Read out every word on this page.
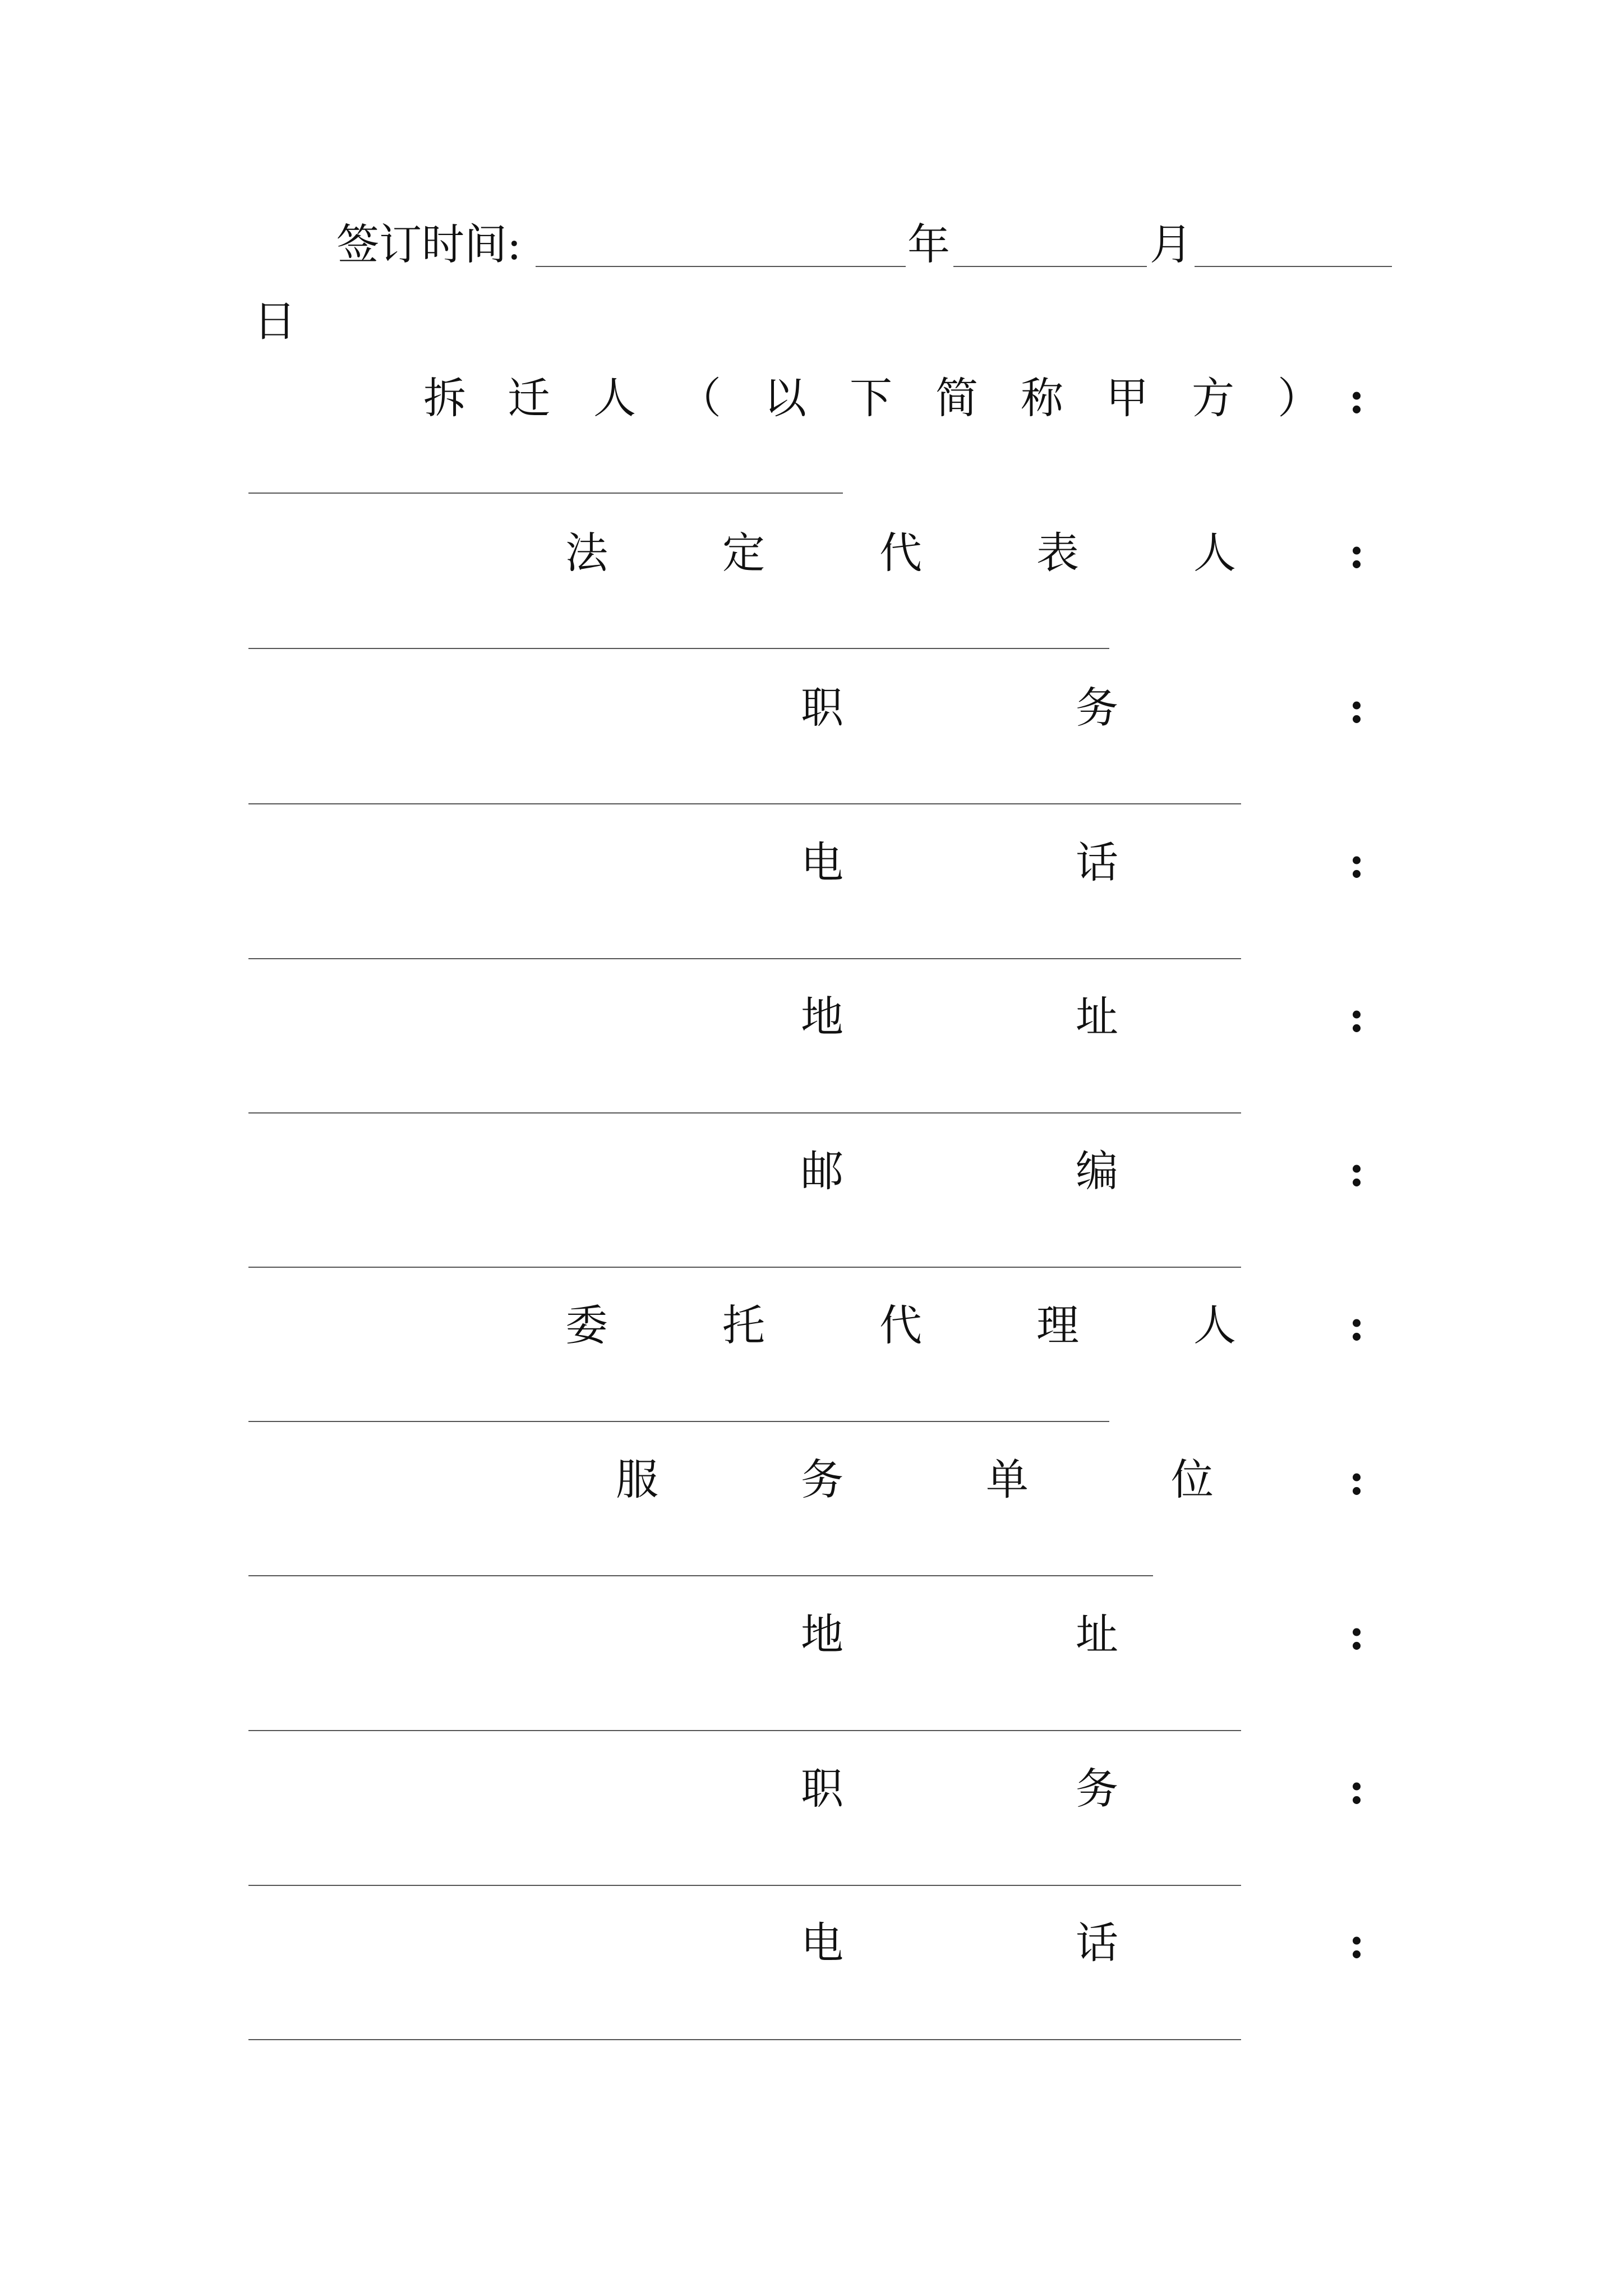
签订时间:	年	月
日
拆 迁 人 （ 以 下 简 称 甲 方 ） :
法	定	代	表	人	:
职	务	:
电	话	:
地	址	:
邮	编	:
委	托	代	理	人	:
服	务	单	位	:
地	址	:
职	务	:
电	话	:
